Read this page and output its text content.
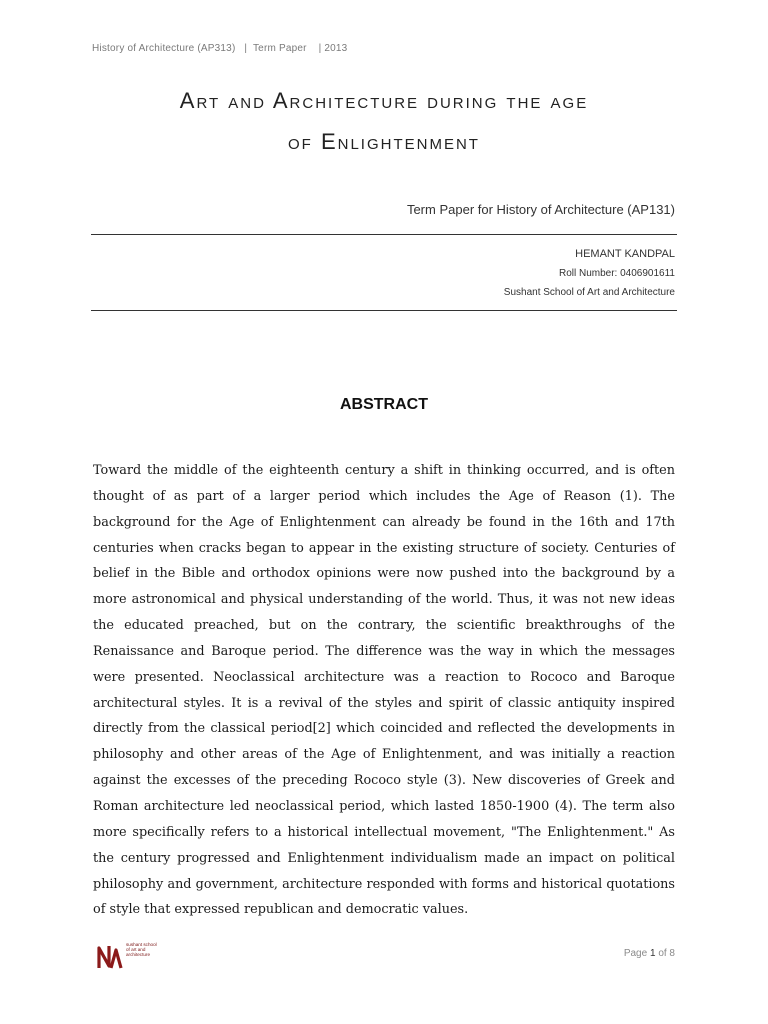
History of Architecture (AP313)   |  Term Paper    | 2013
Art and Architecture during the age
of Enlightenment
Term Paper for History of Architecture (AP131)
HEMANT KANDPAL
Roll Number: 0406901611
Sushant School of Art and Architecture
ABSTRACT

Toward the middle of the eighteenth century a shift in thinking occurred, and is often thought of as part of a larger period which includes the Age of Reason (1). The background for the Age of Enlightenment can already be found in the 16th and 17th centuries when cracks began to appear in the existing structure of society. Centuries of belief in the Bible and orthodox opinions were now pushed into the background by a more astronomical and physical understanding of the world. Thus, it was not new ideas the educated preached, but on the contrary, the scientific breakthroughs of the Renaissance and Baroque period. The difference was the way in which the messages were presented. Neoclassical architecture was a reaction to Rococo and Baroque architectural styles. It is a revival of the styles and spirit of classic antiquity inspired directly from the classical period[2] which coincided and reflected the developments in philosophy and other areas of the Age of Enlightenment, and was initially a reaction against the excesses of the preceding Rococo style (3). New discoveries of Greek and Roman architecture led neoclassical period, which lasted 1850-1900 (4). The term also more specifically refers to a historical intellectual movement, "The Enlightenment." As the century progressed and Enlightenment individualism made an impact on political philosophy and government, architecture responded with forms and historical quotations of style that expressed republican and democratic values.

sushant school of art and architecture	Page 1 of 8
